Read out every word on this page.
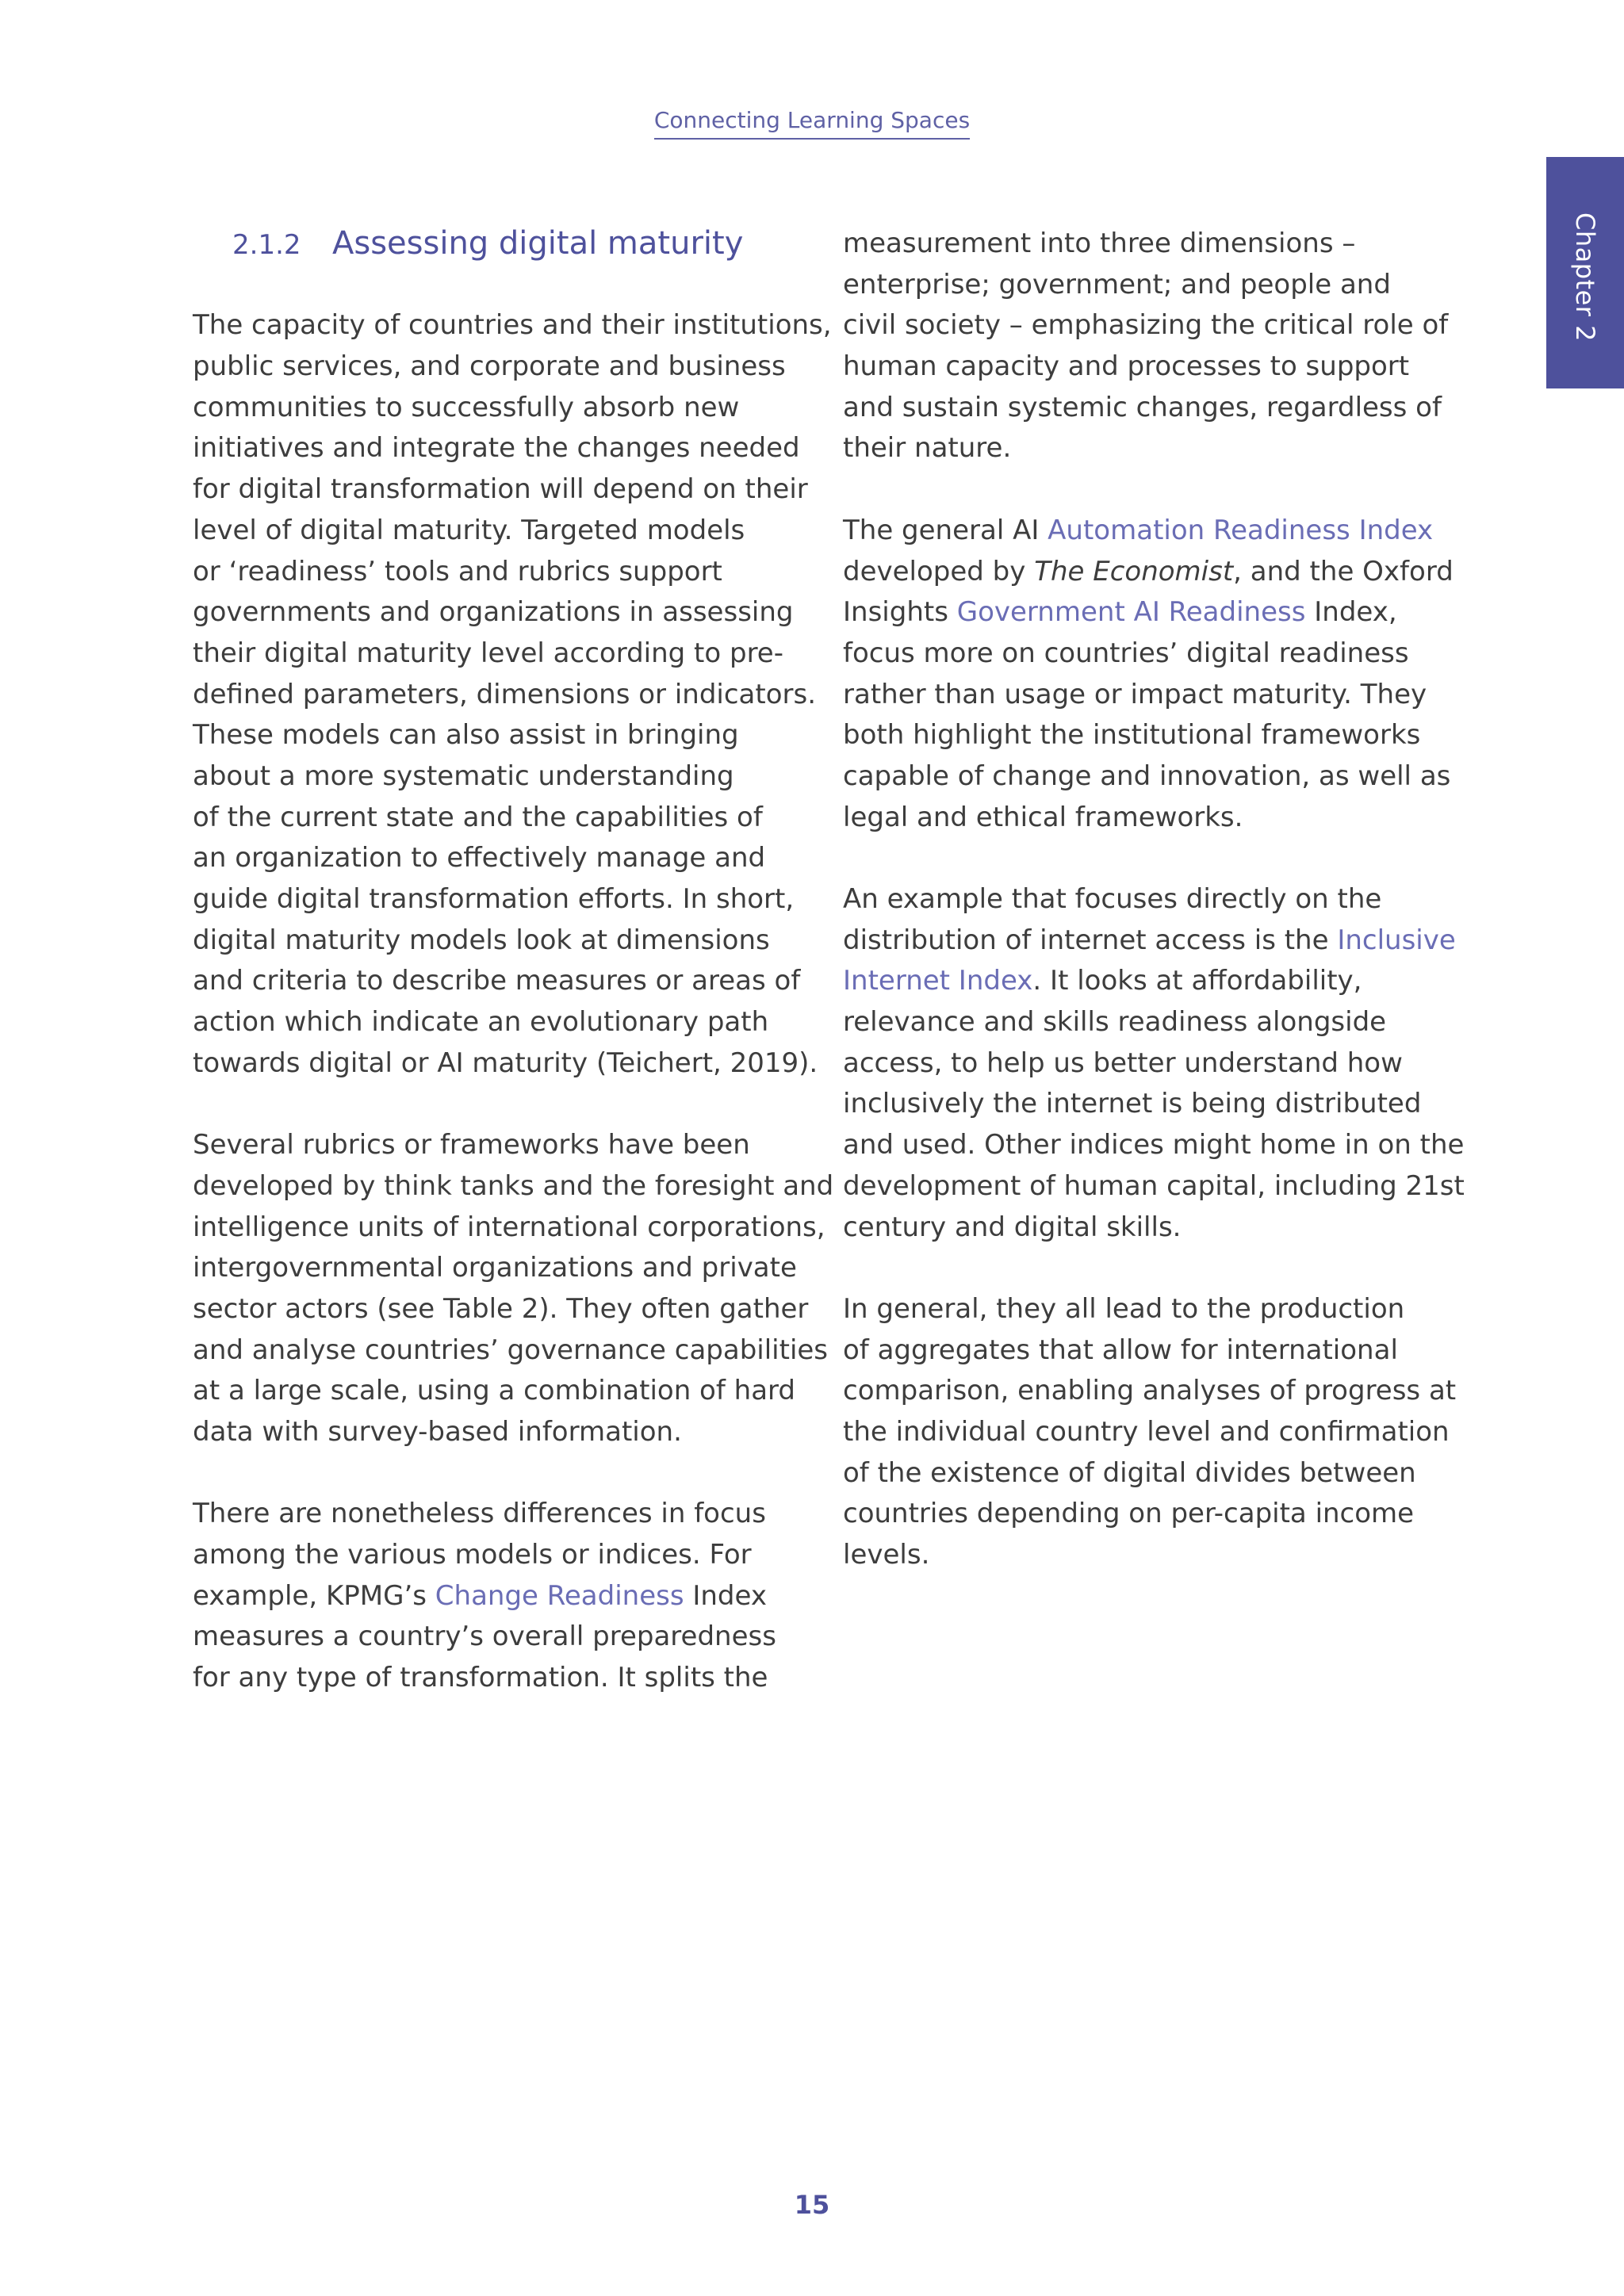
Connecting Learning Spaces
Chapter 2
2.1.2 Assessing digital maturity
The capacity of countries and their institutions,
public services, and corporate and business
communities to successfully absorb new
initiatives and integrate the changes needed
for digital transformation will depend on their
level of digital maturity. Targeted models
or ‘readiness’ tools and rubrics support
governments and organizations in assessing
their digital maturity level according to pre-
defined parameters, dimensions or indicators.
These models can also assist in bringing
about a more systematic understanding
of the current state and the capabilities of
an organization to effectively manage and
guide digital transformation efforts. In short,
digital maturity models look at dimensions
and criteria to describe measures or areas of
action which indicate an evolutionary path
towards digital or AI maturity (Teichert, 2019).
Several rubrics or frameworks have been
developed by think tanks and the foresight and
intelligence units of international corporations,
intergovernmental organizations and private
sector actors (see Table 2). They often gather
and analyse countries’ governance capabilities
at a large scale, using a combination of hard
data with survey-based information.
There are nonetheless differences in focus
among the various models or indices. For
example, KPMG’s Change Readiness Index
measures a country’s overall preparedness
for any type of transformation. It splits the
measurement into three dimensions –
enterprise; government; and people and
civil society – emphasizing the critical role of
human capacity and processes to support
and sustain systemic changes, regardless of
their nature.
The general AI Automation Readiness Index
developed by The Economist, and the Oxford
Insights Government AI Readiness Index,
focus more on countries’ digital readiness
rather than usage or impact maturity. They
both highlight the institutional frameworks
capable of change and innovation, as well as
legal and ethical frameworks.
An example that focuses directly on the
distribution of internet access is the Inclusive
Internet Index. It looks at affordability,
relevance and skills readiness alongside
access, to help us better understand how
inclusively the internet is being distributed
and used. Other indices might home in on the
development of human capital, including 21st
century and digital skills.
In general, they all lead to the production
of aggregates that allow for international
comparison, enabling analyses of progress at
the individual country level and confirmation
of the existence of digital divides between
countries depending on per-capita income
levels.
15
